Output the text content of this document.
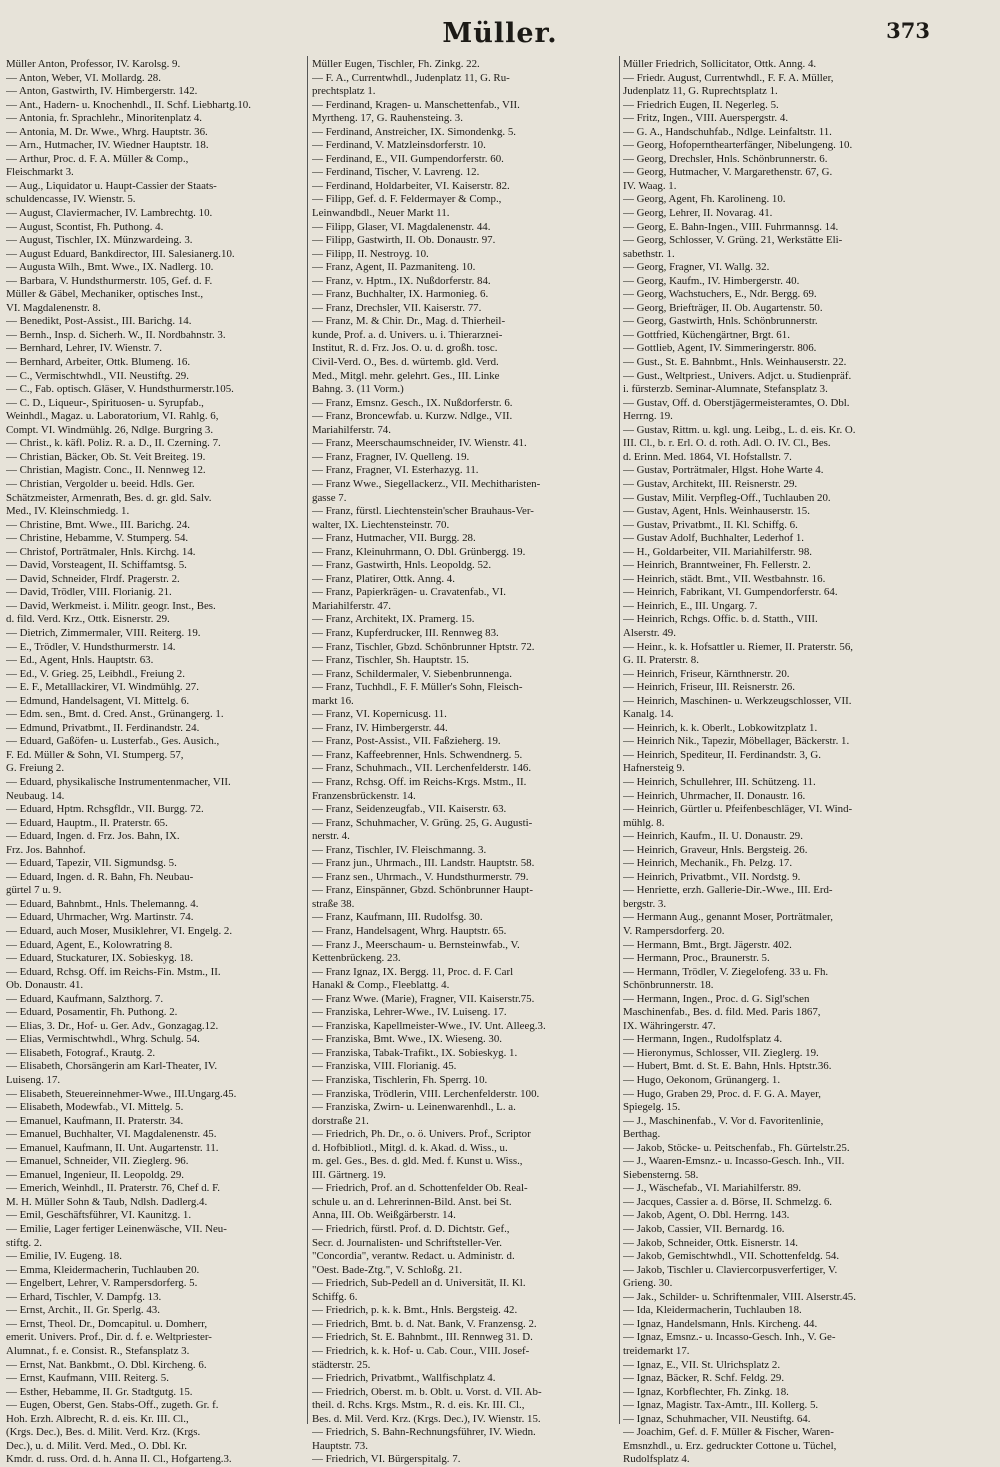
Müller.	373
Müller Anton, Professor, IV. Karolsg. 9.
— Anton, Weber, VI. Mollardg. 28.
— Anton, Gastwirth, IV. Himbergerstr. 142.
— Ant., Hadern- u. Knochenhdl., II. Schf. Liebhartg.10.
— Antonia, fr. Sprachlehr., Minoritenplatz 4.
— Antonia, M. Dr. Wwe., Whrg. Hauptstr. 36.
— Arn., Hutmacher, IV. Wiedner Hauptstr. 18.
— Arthur, Proc. d. F. A. Müller & Comp.,
Fleischmarkt 3.
— Aug., Liquidator u. Haupt-Cassier der Staats-
schuldencasse, IV. Wienstr. 5.
— August, Claviermacher, IV. Lambrechtg. 10.
— August, Scontist, Fh. Puthong. 4.
— August, Tischler, IX. Münzwardeing. 3.
— August Eduard, Bankdirector, III. Salesianerg.10.
— Augusta Wilh., Bmt. Wwe., IX. Nadlerg. 10.
— Barbara, V. Hundsthurmerstr. 105, Gef. d. F.
Müller & Gäbel, Mechaniker, optisches Inst.,
VI. Magdalenenstr. 8.
— Benedikt, Post-Assist., III. Barichg. 14.
— Bernh., Insp. d. Sicherh. W., II. Nordbahnstr. 3.
— Bernhard, Lehrer, IV. Wienstr. 7.
— Bernhard, Arbeiter, Ottk. Blumeng. 16.
— C., Vermischtwhdl., VII. Neustiftg. 29.
— C., Fab. optisch. Gläser, V. Hundsthurmerstr.105.
— C. D., Liqueur-, Spirituosen- u. Syrupfab.,
Weinhdl., Magaz. u. Laboratorium, VI. Rahlg. 6,
Compt. VI. Windmühlg. 26, Ndlge. Burgring 3.
— Christ., k. käfl. Poliz. R. a. D., II. Czerning. 7.
— Christian, Bäcker, Ob. St. Veit Breiteg. 19.
— Christian, Magistr. Conc., II. Nennweg 12.
— Christian, Vergolder u. beeid. Hdls. Ger.
Schätzmeister, Armenrath, Bes. d. gr. gld. Salv.
Med., IV. Kleinschmiedg. 1.
— Christine, Bmt. Wwe., III. Barichg. 24.
— Christine, Hebamme, V. Stumperg. 54.
— Christof, Porträtmaler, Hnls. Kirchg. 14.
— David, Vorsteagent, II. Schiffamtsg. 5.
— David, Schneider, Flrdf. Pragerstr. 2.
— David, Trödler, VIII. Florianig. 21.
— David, Werkmeist. i. Militr. geogr. Inst., Bes.
d. fild. Verd. Krz., Ottk. Eisnerstr. 29.
— Dietrich, Zimmermaler, VIII. Reiterg. 19.
— E., Trödler, V. Hundsthurmerstr. 14.
— Ed., Agent, Hnls. Hauptstr. 63.
— Ed., V. Grieg. 25, Leibhdl., Freiung 2.
— E. F., Metalllackirer, VI. Windmühlg. 27.
— Edmund, Handelsagent, VI. Mittelg. 6.
— Edm. sen., Bmt. d. Cred. Anst., Grünangerg. 1.
— Edmund, Privatbmt., II. Ferdinandstr. 24.
— Eduard, Gaßöfen- u. Lusterfab., Ges. Ausich.,
F. Ed. Müller & Sohn, VI. Stumperg. 57,
G. Freiung 2.
— Eduard, physikalische Instrumentenmacher, VII.
Neubaug. 14.
— Eduard, Hptm. Rchsgfldr., VII. Burgg. 72.
— Eduard, Hauptm., II. Praterstr. 65.
— Eduard, Ingen. d. Frz. Jos. Bahn, IX.
Frz. Jos. Bahnhof.
— Eduard, Tapezir, VII. Sigmundsg. 5.
— Eduard, Ingen. d. R. Bahn, Fh. Neubau-
gürtel 7 u. 9.
— Eduard, Bahnbmt., Hnls. Thelemanng. 4.
— Eduard, Uhrmacher, Wrg. Martinstr. 74.
— Eduard, auch Moser, Musiklehrer, VI. Engelg. 2.
— Eduard, Agent, E., Kolowratring 8.
— Eduard, Stuckaturer, IX. Sobieskyg. 18.
— Eduard, Rchsg. Off. im Reichs-Fin. Mstm., II.
Ob. Donaustr. 41.
— Eduard, Kaufmann, Salzthorg. 7.
— Eduard, Posamentir, Fh. Puthong. 2.
— Elias, 3. Dr., Hof- u. Ger. Adv., Gonzagag.12.
— Elias, Vermischtwhdl., Whrg. Schulg. 54.
— Elisabeth, Fotograf., Krautg. 2.
— Elisabeth, Chorsängerin am Karl-Theater, IV.
Luiseng. 17.
— Elisabeth, Steuereinnehmer-Wwe., III.Ungarg.45.
— Elisabeth, Modewfab., VI. Mittelg. 5.
— Emanuel, Kaufmann, II. Praterstr. 34.
— Emanuel, Buchhalter, VI. Magdalenenstr. 45.
— Emanuel, Kaufmann, II. Unt. Augartenstr. 11.
— Emanuel, Schneider, VII. Zieglerg. 96.
— Emanuel, Ingenieur, II. Leopoldg. 29.
— Emerich, Weinhdl., II. Praterstr. 76, Chef d. F.
M. H. Müller Sohn & Taub, Ndlsh. Dadlerg.4.
— Emil, Geschäftsführer, VI. Kaunitzg. 1.
— Emilie, Lager fertiger Leinenwäsche, VII. Neu-
stiftg. 2.
— Emilie, IV. Eugeng. 18.
— Emma, Kleidermacherin, Tuchlauben 20.
— Engelbert, Lehrer, V. Rampersdorferg. 5.
— Erhard, Tischler, V. Dampfg. 13.
— Ernst, Archit., II. Gr. Sperlg. 43.
— Ernst, Theol. Dr., Domcapitul. u. Domherr,
emerit. Univers. Prof., Dir. d. f. e. Weltpriester-
Alumnat., f. e. Consist. R., Stefansplatz 3.
— Ernst, Nat. Bankbmt., O. Dbl. Kircheng. 6.
— Ernst, Kaufmann, VIII. Reiterg. 5.
— Esther, Hebamme, II. Gr. Stadtgutg. 15.
— Eugen, Oberst, Gen. Stabs-Off., zugeth. Gr. f.
Hoh. Erzh. Albrecht, R. d. eis. Kr. III. Cl.,
(Krgs. Dec.), Bes. d. Milit. Verd. Krz. (Krgs.
Dec.), u. d. Milit. Verd. Med., O. Dbl. Kr.
Kmdr. d. russ. Ord. d. h. Anna II. Cl., Hofgarteng.3.
Müller Eugen, Tischler, Fh. Zinkg. 22.
— F. A., Currentwhdl., Judenplatz 11, G. Ru-
prechtsplatz 1.
— Ferdinand, Kragen- u. Manschettenfab., VII.
Myrtheng. 17, G. Rauhensteing. 3.
— Ferdinand, Anstreicher, IX. Simondenkg. 5.
— Ferdinand, V. Matzleinsdorferstr. 10.
— Ferdinand, E., VII. Gumpendorferstr. 60.
— Ferdinand, Tischer, V. Lavreng. 12.
— Ferdinand, Holdarbeiter, VI. Kaiserstr. 82.
— Filipp, Gef. d. F. Feldermayer & Comp.,
Leinwandbdl., Neuer Markt 11.
— Filipp, Glaser, VI. Magdalenenstr. 44.
— Filipp, Gastwirth, II. Ob. Donaustr. 97.
— Filipp, II. Nestroyg. 10.
— Franz, Agent, II. Pazmaniteng. 10.
— Franz, v. Hptm., IX. Nußdorferstr. 84.
— Franz, Buchhalter, IX. Harmonieg. 6.
— Franz, Drechsler, VII. Kaiserstr. 77.
— Franz, M. & Chir. Dr., Mag. d. Thierheil-
kunde, Prof. a. d. Univers. u. i. Thierarznei-
Institut, R. d. Frz. Jos. O. u. d. großh. tosc.
Civil-Verd. O., Bes. d. würtemb. gld. Verd.
Med., Mitgl. mehr. gelehrt. Ges., III. Linke
Bahng. 3. (11 Vorm.)
— Franz, Emsnz. Gesch., IX. Nußdorferstr. 6.
— Franz, Broncewfab. u. Kurzw. Ndlge., VII.
Mariahilferstr. 74.
— Franz, Meerschaumschneider, IV. Wienstr. 41.
— Franz, Fragner, IV. Quelleng. 19.
— Franz, Fragner, VI. Esterhazyg. 11.
— Franz Wwe., Siegellackerz., VII. Mechitharisten-
gasse 7.
— Franz, fürstl. Liechtenstein'scher Brauhaus-Ver-
walter, IX. Liechtensteinstr. 70.
— Franz, Hutmacher, VII. Burgg. 28.
— Franz, Kleinuhrmann, O. Dbl. Grünbergg. 19.
— Franz, Gastwirth, Hnls. Leopoldg. 52.
— Franz, Platirer, Ottk. Anng. 4.
— Franz, Papierkrägen- u. Cravatenfab., VI.
Mariahilferstr. 47.
— Franz, Architekt, IX. Pramerg. 15.
— Franz, Kupferdrucker, III. Rennweg 83.
— Franz, Tischler, Gbzd. Schönbrunner Hptstr. 72.
— Franz, Tischler, Sh. Hauptstr. 15.
— Franz, Schildermaler, V. Siebenbrunnenga.
— Franz, Tuchhdl., F. F. Müller's Sohn, Fleisch-
markt 16.
— Franz, VI. Kopernicusg. 11.
— Franz, IV. Himbergerstr. 44.
— Franz, Post-Assist., VII. Faßzieherg. 19.
— Franz, Kaffeebrenner, Hnls. Schwendnerg. 5.
— Franz, Schuhmach., VII. Lerchenfelderstr. 146.
— Franz, Rchsg. Off. im Reichs-Krgs. Mstm., II.
Franzensbrückenstr. 14.
— Franz, Seidenzeugfab., VII. Kaiserstr. 63.
— Franz, Schuhmacher, V. Grüng. 25, G. Augusti-
nerstr. 4.
— Franz, Tischler, IV. Fleischmanng. 3.
— Franz jun., Uhrmach., III. Landstr. Hauptstr. 58.
— Franz sen., Uhrmach., V. Hundsthurmerstr. 79.
— Franz, Einspänner, Gbzd. Schönbrunner Haupt-
straße 38.
— Franz, Kaufmann, III. Rudolfsg. 30.
— Franz, Handelsagent, Whrg. Hauptstr. 65.
— Franz J., Meerschaum- u. Bernsteinwfab., V.
Kettenbrückeng. 23.
— Franz Ignaz, IX. Bergg. 11, Proc. d. F. Carl
Hanakl & Comp., Fleeblattg. 4.
— Franz Wwe. (Marie), Fragner, VII. Kaiserstr.75.
— Franziska, Lehrer-Wwe., IV. Luiseng. 17.
— Franziska, Kapellmeister-Wwe., IV. Unt. Alleeg.3.
— Franziska, Bmt. Wwe., IX. Wieseng. 30.
— Franziska, Tabak-Trafikt., IX. Sobieskyg. 1.
— Franziska, VIII. Florianig. 45.
— Franziska, Tischlerin, Fh. Sperrg. 10.
— Franziska, Trödlerin, VIII. Lerchenfelderstr. 100.
— Franziska, Zwirn- u. Leinenwarenhdl., L. a.
dorstraße 21.
— Friedrich, Ph. Dr., o. ö. Univers. Prof., Scriptor
d. Hofbibliotl., Mitgl. d. k. Akad. d. Wiss., u.
m. gel. Ges., Bes. d. gld. Med. f. Kunst u. Wiss.,
III. Gärtnerg. 19.
— Friedrich, Prof. an d. Schottenfelder Ob. Real-
schule u. an d. Lehrerinnen-Bild. Anst. bei St.
Anna, III. Ob. Weißgärberstr. 14.
— Friedrich, fürstl. Prof. d. D. Dichtstr. Gef.,
Secr. d. Journalisten- und Schriftsteller-Ver.
"Concordia", verantw. Redact. u. Administr. d.
"Oest. Bade-Ztg.", V. Schloßg. 21.
— Friedrich, Sub-Pedell an d. Universität, II. Kl.
Schiffg. 6.
— Friedrich, p. k. k. Bmt., Hnls. Bergsteig. 42.
— Friedrich, Bmt. b. d. Nat. Bank, V. Franzensg. 2.
— Friedrich, St. E. Bahnbmt., III. Rennweg 31. D.
— Friedrich, k. k. Hof- u. Cab. Cour., VIII. Josef-
städterstr. 25.
— Friedrich, Privatbmt., Wallfischplatz 4.
— Friedrich, Oberst. m. b. Oblt. u. Vorst. d. VII. Ab-
theil. d. Rchs. Krgs. Mstm., R. d. eis. Kr. III. Cl.,
Bes. d. Mil. Verd. Krz. (Krgs. Dec.), IV. Wienstr. 15.
— Friedrich, S. Bahn-Rechnungsführer, IV. Wiedn.
Hauptstr. 73.
— Friedrich, VI. Bürgerspitalg. 7.
Müller Friedrich, Sollicitator, Ottk. Anng. 4.
— Friedr. August, Currentwhdl., F. F. A. Müller,
Judenplatz 11, G. Ruprechtsplatz 1.
— Friedrich Eugen, II. Negerleg. 5.
— Fritz, Ingen., VIII. Auerspergstr. 4.
— G. A., Handschuhfab., Ndlge. Leinfaltstr. 11.
— Georg, Hofopernthearterfänger, Nibelungeng. 10.
— Georg, Drechsler, Hnls. Schönbrunnerstr. 6.
— Georg, Hutmacher, V. Margarethenstr. 67, G.
IV. Waag. 1.
— Georg, Agent, Fh. Karolineng. 10.
— Georg, Lehrer, II. Novarag. 41.
— Georg, E. Bahn-Ingen., VIII. Fuhrmannsg. 14.
— Georg, Schlosser, V. Grüng. 21, Werkstätte Eli-
sabethstr. 1.
— Georg, Fragner, VI. Wallg. 32.
— Georg, Kaufm., IV. Himbergerstr. 40.
— Georg, Wachstuchers, E., Ndr. Bergg. 69.
— Georg, Briefträger, II. Ob. Augartenstr. 50.
— Georg, Gastwirth, Hnls. Schönbrunnerstr.
— Gottfried, Küchengärtner, Brgt. 61.
— Gottlieb, Agent, IV. Simmeringerstr. 806.
— Gust., St. E. Bahnbmt., Hnls. Weinhauserstr. 22.
— Gust., Weltpriest., Univers. Adjct. u. Studienpräf.
i. fürsterzb. Seminar-Alumnate, Stefansplatz 3.
— Gustav, Off. d. Oberstjägermeisteramtes, O. Dbl.
Herrng. 19.
— Gustav, Rittm. u. kgl. ung. Leibg., L. d. eis. Kr. O.
III. Cl., b. r. Erl. O. d. roth. Adl. O. IV. Cl., Bes.
d. Erinn. Med. 1864, VI. Hofstallstr. 7.
— Gustav, Porträtmaler, Hlgst. Hohe Warte 4.
— Gustav, Architekt, III. Reisnerstr. 29.
— Gustav, Milit. Verpfleg-Off., Tuchlauben 20.
— Gustav, Agent, Hnls. Weinhauserstr. 15.
— Gustav, Privatbmt., II. Kl. Schiffg. 6.
— Gustav Adolf, Buchhalter, Lederhof 1.
— H., Goldarbeiter, VII. Mariahilferstr. 98.
— Heinrich, Branntweiner, Fh. Fellerstr. 2.
— Heinrich, städt. Bmt., VII. Westbahnstr. 16.
— Heinrich, Fabrikant, VI. Gumpendorferstr. 64.
— Heinrich, E., III. Ungarg. 7.
— Heinrich, Rchgs. Offic. b. d. Statth., VIII.
Alserstr. 49.
— Heinr., k. k. Hofsattler u. Riemer, II. Praterstr. 56,
G. II. Praterstr. 8.
— Heinrich, Friseur, Kärnthnerstr. 20.
— Heinrich, Friseur, III. Reisnerstr. 26.
— Heinrich, Maschinen- u. Werkzeugschlosser, VII.
Kanalg. 14.
— Heinrich, k. k. Oberlt., Lobkowitzplatz 1.
— Heinrich Nik., Tapezir, Möbellager, Bäckerstr. 1.
— Heinrich, Spediteur, II. Ferdinandstr. 3, G.
Hafnersteig 9.
— Heinrich, Schullehrer, III. Schützeng. 11.
— Heinrich, Uhrmacher, II. Donaustr. 16.
— Heinrich, Gürtler u. Pfeifenbeschläger, VI. Wind-
mühlg. 8.
— Heinrich, Kaufm., II. U. Donaustr. 29.
— Heinrich, Graveur, Hnls. Bergsteig. 26.
— Heinrich, Mechanik., Fh. Pelzg. 17.
— Heinrich, Privatbmt., VII. Nordstg. 9.
— Henriette, erzh. Gallerie-Dir.-Wwe., III. Erd-
bergstr. 3.
— Hermann Aug., genannt Moser, Porträtmaler,
V. Rampersdorferg. 20.
— Hermann, Bmt., Brgt. Jägerstr. 402.
— Hermann, Proc., Braunerstr. 5.
— Hermann, Trödler, V. Ziegelofeng. 33 u. Fh.
Schönbrunnerstr. 18.
— Hermann, Ingen., Proc. d. G. Sigl'schen
Maschinenfab., Bes. d. fild. Med. Paris 1867,
IX. Währingerstr. 47.
— Hermann, Ingen., Rudolfsplatz 4.
— Hieronymus, Schlosser, VII. Zieglerg. 19.
— Hubert, Bmt. d. St. E. Bahn, Hnls. Hptstr.36.
— Hugo, Oekonom, Grünangerg. 1.
— Hugo, Graben 29, Proc. d. F. G. A. Mayer,
Spiegelg. 15.
— J., Maschinenfab., V. Vor d. Favoritenlinie,
Berthag.
— Jakob, Stöcke- u. Peitschenfab., Fh. Gürtelstr.25.
— J., Waaren-Emsnz.- u. Incasso-Gesch. Inh., VII.
Siebensterng. 58.
— J., Wäschefab., VI. Mariahilferstr. 89.
— Jacques, Cassier a. d. Börse, II. Schmelzg. 6.
— Jakob, Agent, O. Dbl. Herrng. 143.
— Jakob, Cassier, VII. Bernardg. 16.
— Jakob, Schneider, Ottk. Eisnerstr. 14.
— Jakob, Gemischtwhdl., VII. Schottenfeldg. 54.
— Jakob, Tischler u. Claviercorpusverfertiger, V.
Grieng. 30.
— Jak., Schilder- u. Schriftenmaler, VIII. Alserstr.45.
— Ida, Kleidermacherin, Tuchlauben 18.
— Ignaz, Handelsmann, Hnls. Kircheng. 44.
— Ignaz, Emsnz.- u. Incasso-Gesch. Inh., V. Ge-
treidemarkt 17.
— Ignaz, E., VII. St. Ulrichsplatz 2.
— Ignaz, Bäcker, R. Schf. Feldg. 29.
— Ignaz, Korbflechter, Fh. Zinkg. 18.
— Ignaz, Magistr. Tax-Amtr., III. Kollerg. 5.
— Ignaz, Schuhmacher, VII. Neustiftg. 64.
— Joachim, Gef. d. F. Müller & Fischer, Waren-
Emsnzhdl., u. Erz. gedruckter Cottone u. Tüchel,
Rudolfsplatz 4.
